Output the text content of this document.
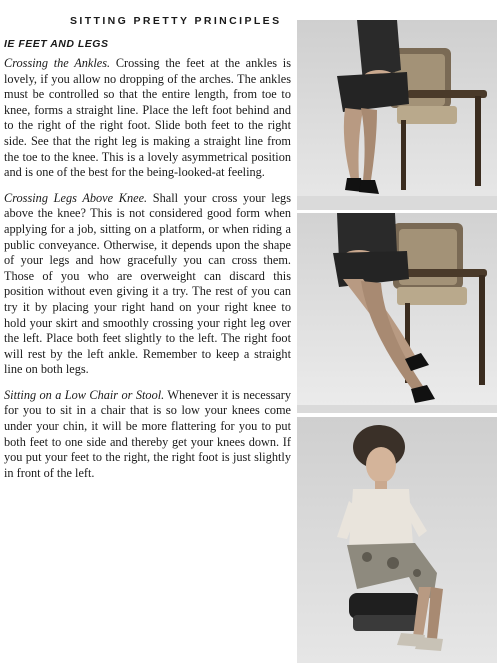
SITTING PRETTY PRINCIPLES
IE FEET AND LEGS

Crossing the Ankles. Crossing the feet at the ankles is lovely, if you allow no dropping of the arches. The ankles must be controlled so that the entire length, from toe to knee, forms a straight line. Place the left foot behind and to the right of the right foot. Slide both feet to the right side. See that the right leg is making a straight line from the toe to the knee. This is a lovely asymmetrical position and is one of the best for the being-looked-at feeling.

Crossing Legs Above Knee. Shall your cross your legs above the knee? This is not considered good form when applying for a job, sitting on a platform, or when riding a public conveyance. Otherwise, it depends upon the shape of your legs and how gracefully you can cross them. Those of you who are overweight can discard this position without even giving it a try. The rest of you can try it by placing your right hand on your right knee to hold your skirt and smoothly crossing your right leg over the left. Place both feet slightly to the left. The right foot will rest by the left ankle. Remember to keep a straight line on both legs.

Sitting on a Low Chair or Stool. Whenever it is necessary for you to sit in a chair that is so low your knees come under your chin, it will be more flattering for you to put both feet to one side and thereby get your knees down. If you put your feet to the right, the right foot is just slightly in front of the left.
